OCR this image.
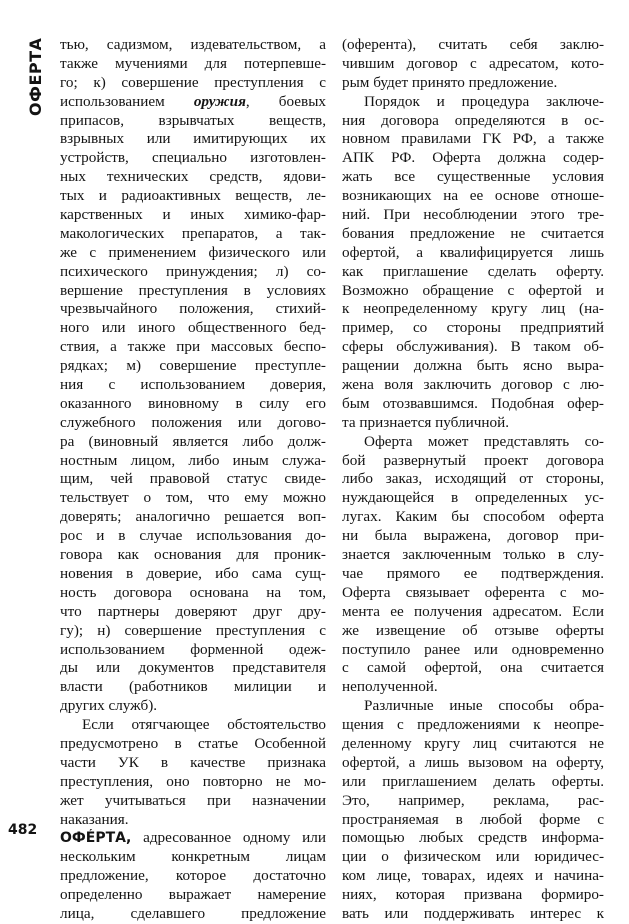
ОФЕРТА тью, садизмом, издевательством, а
также мучениями для потерпевше-
го; к) совершение преступления с
использованием оружия, боевых
припасов, взрывчатых веществ,
взрывных или имитирующих их
устройств, специально изготовлен-
ных технических средств, ядови-
тых и радиоактивных веществ, ле-
карственных и иных химико-фар-
макологических препаратов, а так-
же с применением физического или
психического принуждения; л) со-
вершение преступления в условиях
чрезвычайного положения, стихий-
ного или иного общественного бед-
ствия, а также при массовых беспо-
рядках; м) совершение преступле-
ния с использованием доверия,
оказанного виновному в силу его
служебного положения или догово-
ра (виновный является либо долж-
ностным лицом, либо иным служа-
щим, чей правовой статус свиде-
тельствует о том, что ему можно
доверять; аналогично решается воп-
рос и в случае использования до-
говора как основания для проник-
новения в доверие, ибо сама сущ-
ность договора основана на том,
что партнеры доверяют друг дру-
гу); н) совершение преступления с
использованием форменной одеж-
ды или документов представителя
власти (работников милиции и
других служб).
Если отягчающее обстоятельство
предусмотрено в статье Особенной
части УК в качестве признака
преступления, оно повторно не мо-
жет учитываться при назначении
наказания.
ОФЕ́РТА, адресованное одному или
нескольким конкретным лицам
предложение, которое достаточно
определенно выражает намерение
лица, сделавшего предложение
(оферента), считать себя заклю-
чившим договор с адресатом, кото-
рым будет принято предложение.
Порядок и процедура заключе-
ния договора определяются в ос-
новном правилами ГК РФ, а также
АПК РФ. Оферта должна содер-
жать все существенные условия
возникающих на ее основе отноше-
ний. При несоблюдении этого тре-
бования предложение не считается
офертой, а квалифицируется лишь
как приглашение сделать оферту.
Возможно обращение с офертой и
к неопределенному кругу лиц (на-
пример, со стороны предприятий
сферы обслуживания). В таком об-
ращении должна быть ясно выра-
жена воля заключить договор с лю-
бым отозвавшимся. Подобная офер-
та признается публичной.
Оферта может представлять со-
бой развернутый проект договора
либо заказ, исходящий от стороны,
нуждающейся в определенных ус-
лугах. Каким бы способом оферта
ни была выражена, договор при-
знается заключенным только в слу-
чае прямого ее подтверждения.
Оферта связывает оферента с мо-
мента ее получения адресатом. Если
же извещение об отзыве оферты
поступило ранее или одновременно
с самой офертой, она считается
неполученной.
Различные иные способы обра-
щения с предложениями к неопре-
деленному кругу лиц считаются не
офертой, а лишь вызовом на оферту,
или приглашением делать оферты.
Это, например, реклама, рас-
пространяемая в любой форме с
помощью любых средств информа-
ции о физическом или юридичес-
ком лице, товарах, идеях и начина-
ниях, которая призвана формиро-
вать или поддерживать интерес к
482
